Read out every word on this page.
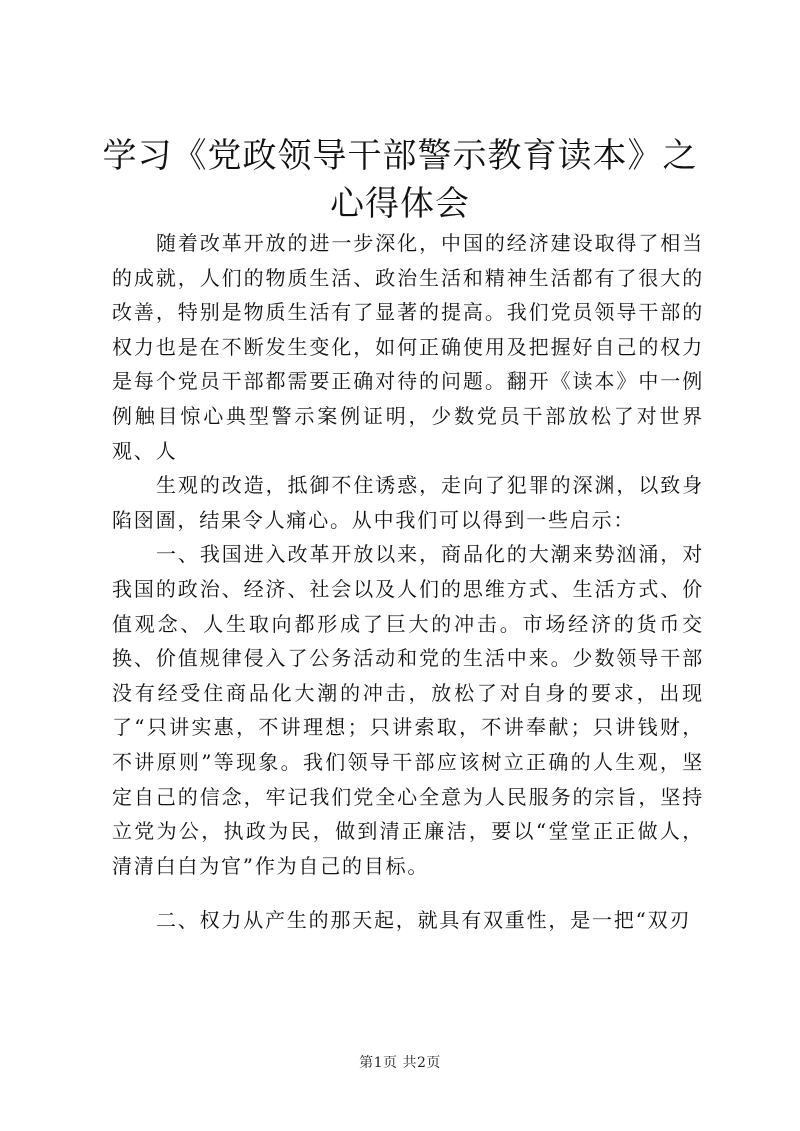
学习《党政领导干部警示教育读本》之心得体会

随着改革开放的进一步深化，中国的经济建设取得了相当的成就，人们的物质生活、政治生活和精神生活都有了很大的改善，特别是物质生活有了显著的提高。我们党员领导干部的权力也是在不断发生变化，如何正确使用及把握好自己的权力是每个党员干部都需要正确对待的问题。翻开《读本》中一例例触目惊心典型警示案例证明，少数党员干部放松了对世界观、人

生观的改造，抵御不住诱惑，走向了犯罪的深渊，以致身陷囹圄，结果令人痛心。从中我们可以得到一些启示：

一、我国进入改革开放以来，商品化的大潮来势汹涌，对我国的政治、经济、社会以及人们的思维方式、生活方式、价值观念、人生取向都形成了巨大的冲击。市场经济的货币交换、价值规律侵入了公务活动和党的生活中来。少数领导干部没有经受住商品化大潮的冲击，放松了对自身的要求，出现了“只讲实惠，不讲理想；只讲索取，不讲奉献；只讲钱财，不讲原则”等现象。我们领导干部应该树立正确的人生观，坚定自己的信念，牢记我们党全心全意为人民服务的宗旨，坚持立党为公，执政为民，做到清正廉洁，要以“堂堂正正做人，清清白白为官”作为自己的目标。

二、权力从产生的那天起，就具有双重性，是一把“双刃

第1页 共2页
